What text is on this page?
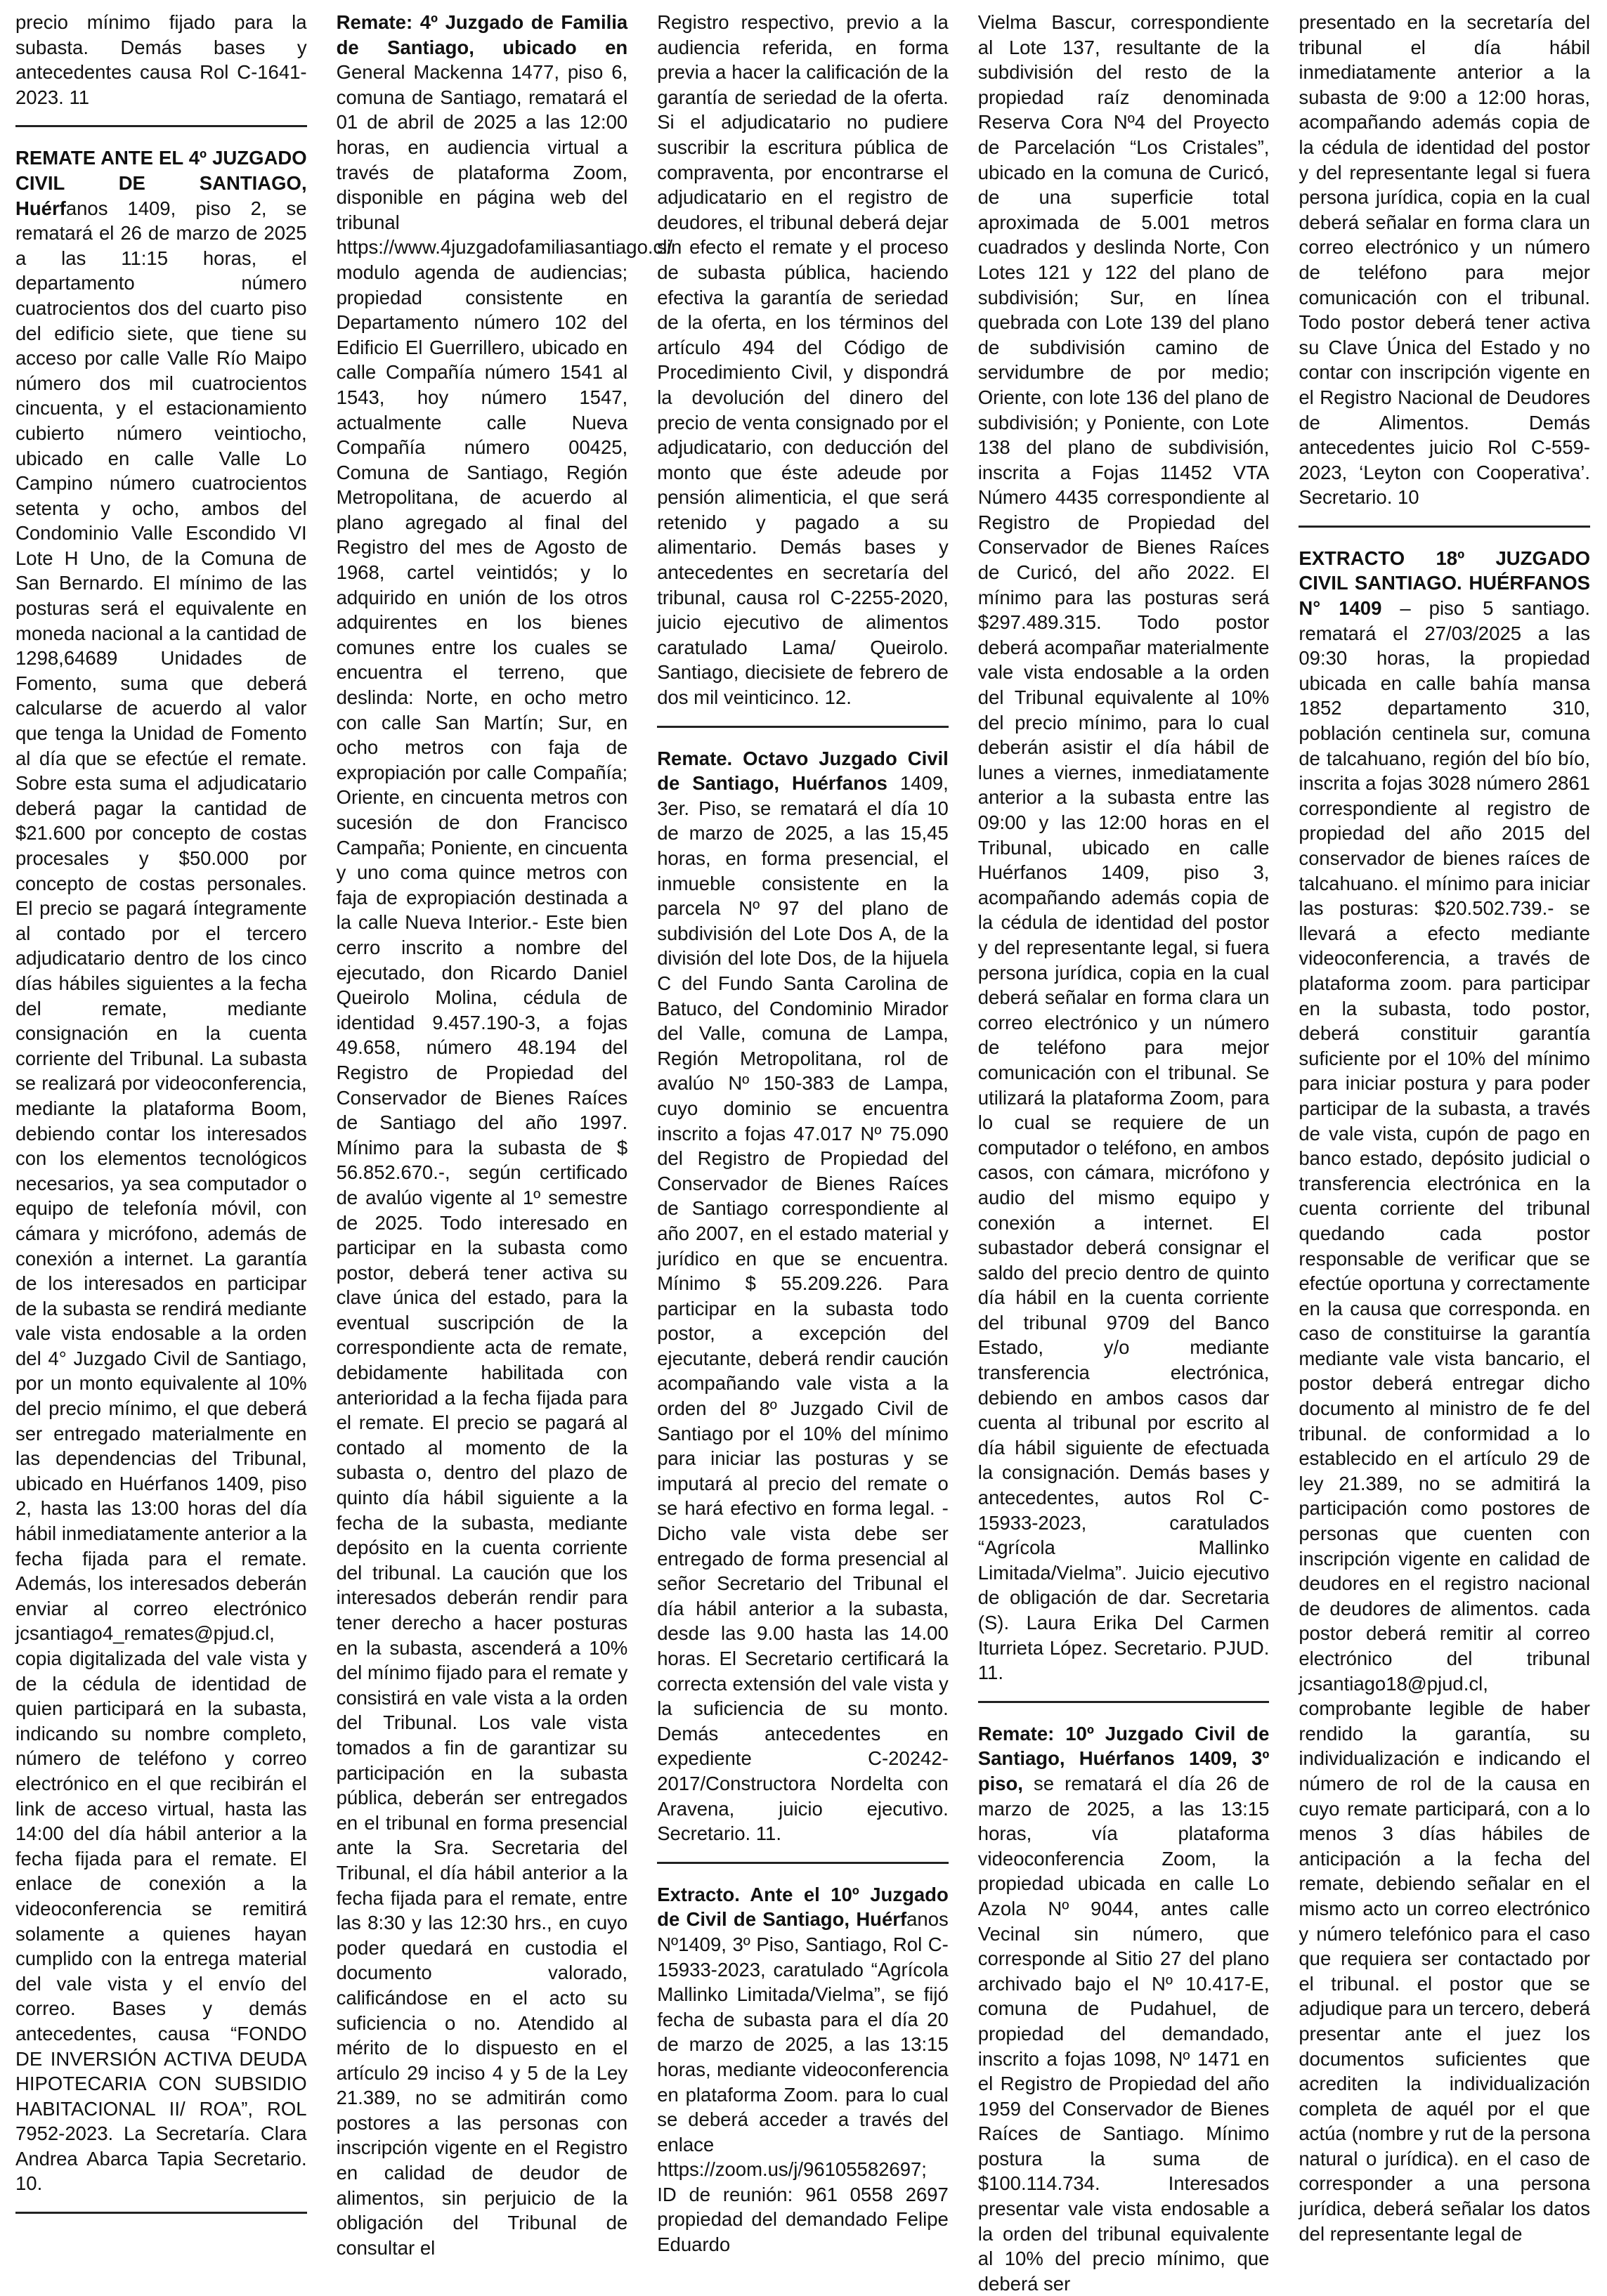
precio mínimo fijado para la subasta. Demás bases y antecedentes causa Rol C-1641-2023. 11

REMATE ANTE EL 4º JUZGADO CIVIL DE SANTIAGO, Huérfanos 1409, piso 2, se rematará el 26 de marzo de 2025 a las 11:15 horas, el departamento número cuatrocientos dos del cuarto piso del edificio siete, que tiene su acceso por calle Valle Río Maipo número dos mil cuatrocientos cincuenta, y el estacionamiento cubierto número veintiocho, ubicado en calle Valle Lo Campino número cuatrocientos setenta y ocho, ambos del Condominio Valle Escondido VI Lote H Uno, de la Comuna de San Bernardo. El mínimo de las posturas será el equivalente en moneda nacional a la cantidad de 1298,64689 Unidades de Fomento, suma que deberá calcularse de acuerdo al valor que tenga la Unidad de Fomento al día que se efectúe el remate. Sobre esta suma el adjudicatario deberá pagar la cantidad de $21.600 por concepto de costas procesales y $50.000 por concepto de costas personales. El precio se pagará íntegramente al contado por el tercero adjudicatario dentro de los cinco días hábiles siguientes a la fecha del remate, mediante consignación en la cuenta corriente del Tribunal. La subasta se realizará por videoconferencia, mediante la plataforma Boom, debiendo contar los interesados con los elementos tecnológicos necesarios, ya sea computador o equipo de telefonía móvil, con cámara y micrófono, además de conexión a internet. La garantía de los interesados en participar de la subasta se rendirá mediante vale vista endosable a la orden del 4° Juzgado Civil de Santiago, por un monto equivalente al 10% del precio mínimo, el que deberá ser entregado materialmente en las dependencias del Tribunal, ubicado en Huérfanos 1409, piso 2, hasta las 13:00 horas del día hábil inmediatamente anterior a la fecha fijada para el remate. Además, los interesados deberán enviar al correo electrónico jcsantiago4_remates@pjud.cl, copia digitalizada del vale vista y de la cédula de identidad de quien participará en la subasta, indicando su nombre completo, número de teléfono y correo electrónico en el que recibirán el link de acceso virtual, hasta las 14:00 del día hábil anterior a la fecha fijada para el remate. El enlace de conexión a la videoconferencia se remitirá solamente a quienes hayan cumplido con la entrega material del vale vista y el envío del correo. Bases y demás antecedentes, causa “FONDO DE INVERSIÓN ACTIVA DEUDA HIPOTECARIA CON SUBSIDIO HABITACIONAL II/ ROA”, ROL 7952-2023. La Secretaría. Clara Andrea Abarca Tapia Secretario. 10.

Remate: 4º Juzgado de Familia de Santiago, ubicado en General Mackenna 1477, piso 6, comuna de Santiago, rematará el 01 de abril de 2025 a las 12:00 horas, en audiencia virtual a través de plataforma Zoom, disponible en página web del tribunal https://www.4juzgadofamiliasantiago.cl/ modulo agenda de audiencias; propiedad consistente en Departamento número 102 del Edificio El Guerrillero, ubicado en calle Compañía número 1541 al 1543, hoy número 1547, actualmente calle Nueva Compañía número 00425, Comuna de Santiago, Región Metropolitana, de acuerdo al plano agregado al final del Registro del mes de Agosto de 1968, cartel veintidós; y lo adquirido en unión de los otros adquirentes en los bienes comunes entre los cuales se encuentra el terreno, que deslinda: Norte, en ocho metro con calle San Martín; Sur, en ocho metros con faja de expropiación por calle Compañía; Oriente, en cincuenta metros con sucesión de don Francisco Campaña; Poniente, en cincuenta y uno coma quince metros con faja de expropiación destinada a la calle Nueva Interior.- Este bien cerro inscrito a nombre del ejecutado, don Ricardo Daniel Queirolo Molina, cédula de identidad 9.457.190-3, a fojas 49.658, número 48.194 del Registro de Propiedad del Conservador de Bienes Raíces de Santiago del año 1997. Mínimo para la subasta de $ 56.852.670.-, según certificado de avalúo vigente al 1º semestre de 2025. Todo interesado en participar en la subasta como postor, deberá tener activa su clave única del estado, para la eventual suscripción de la correspondiente acta de remate, debidamente habilitada con anterioridad a la fecha fijada para el remate. El precio se pagará al contado al momento de la subasta o, dentro del plazo de quinto día hábil siguiente a la fecha de la subasta, mediante depósito en la cuenta corriente del tribunal. La caución que los interesados deberán rendir para tener derecho a hacer posturas en la subasta, ascenderá a 10% del mínimo fijado para el remate y consistirá en vale vista a la orden del Tribunal. Los vale vista tomados a fin de garantizar su participación en la subasta pública, deberán ser entregados en el tribunal en forma presencial ante la Sra. Secretaria del Tribunal, el día hábil anterior a la fecha fijada para el remate, entre las 8:30 y las 12:30 hrs., en cuyo poder quedará en custodia el documento valorado, calificándose en el acto su suficiencia o no. Atendido al mérito de lo dispuesto en el artículo 29 inciso 4 y 5 de la Ley 21.389, no se admitirán como postores a las personas con inscripción vigente en el Registro en calidad de deudor de alimentos, sin perjuicio de la obligación del Tribunal de consultar el

Registro respectivo, previo a la audiencia referida, en forma previa a hacer la calificación de la garantía de seriedad de la oferta. Si el adjudicatario no pudiere suscribir la escritura pública de compraventa, por encontrarse el adjudicatario en el registro de deudores, el tribunal deberá dejar sin efecto el remate y el proceso de subasta pública, haciendo efectiva la garantía de seriedad de la oferta, en los términos del artículo 494 del Código de Procedimiento Civil, y dispondrá la devolución del dinero del precio de venta consignado por el adjudicatario, con deducción del monto que éste adeude por pensión alimenticia, el que será retenido y pagado a su alimentario. Demás bases y antecedentes en secretaría del tribunal, causa rol C-2255-2020, juicio ejecutivo de alimentos caratulado Lama/ Queirolo. Santiago, diecisiete de febrero de dos mil veinticinco. 12.

Remate. Octavo Juzgado Civil de Santiago, Huérfanos 1409, 3er. Piso, se rematará el día 10 de marzo de 2025, a las 15,45 horas, en forma presencial, el inmueble consistente en la parcela Nº 97 del plano de subdivisión del Lote Dos A, de la división del lote Dos, de la hijuela C del Fundo Santa Carolina de Batuco, del Condominio Mirador del Valle, comuna de Lampa, Región Metropolitana, rol de avalúo Nº 150-383 de Lampa, cuyo dominio se encuentra inscrito a fojas 47.017 Nº 75.090 del Registro de Propiedad del Conservador de Bienes Raíces de Santiago correspondiente al año 2007, en el estado material y jurídico en que se encuentra. Mínimo $ 55.209.226. Para participar en la subasta todo postor, a excepción del ejecutante, deberá rendir caución acompañando vale vista a la orden del 8º Juzgado Civil de Santiago por el 10% del mínimo para iniciar las posturas y se imputará al precio del remate o se hará efectivo en forma legal. - Dicho vale vista debe ser entregado de forma presencial al señor Secretario del Tribunal el día hábil anterior a la subasta, desde las 9.00 hasta las 14.00 horas. El Secretario certificará la correcta extensión del vale vista y la suficiencia de su monto. Demás antecedentes en expediente C-20242-2017/Constructora Nordelta con Aravena, juicio ejecutivo. Secretario. 11.

Extracto. Ante el 10º Juzgado de Civil de Santiago, Huérfanos Nº1409, 3º Piso, Santiago, Rol C-15933-2023, caratulado “Agrícola Mallinko Limitada/Vielma”, se fijó fecha de subasta para el día 20 de marzo de 2025, a las 13:15 horas, mediante videoconferencia en plataforma Zoom. para lo cual se deberá acceder a través del enlace https://zoom.us/j/96105582697; ID de reunión: 961 0558 2697 propiedad del demandado Felipe Eduardo

Vielma Bascur, correspondiente al Lote 137, resultante de la subdivisión del resto de la propiedad raíz denominada Reserva Cora Nº4 del Proyecto de Parcelación “Los Cristales”, ubicado en la comuna de Curicó, de una superficie total aproximada de 5.001 metros cuadrados y deslinda Norte, Con Lotes 121 y 122 del plano de subdivisión; Sur, en línea quebrada con Lote 139 del plano de subdivisión camino de servidumbre de por medio; Oriente, con lote 136 del plano de subdivisión; y Poniente, con Lote 138 del plano de subdivisión, inscrita a Fojas 11452 VTA Número 4435 correspondiente al Registro de Propiedad del Conservador de Bienes Raíces de Curicó, del año 2022. El mínimo para las posturas será $297.489.315. Todo postor deberá acompañar materialmente vale vista endosable a la orden del Tribunal equivalente al 10% del precio mínimo, para lo cual deberán asistir el día hábil de lunes a viernes, inmediatamente anterior a la subasta entre las 09:00 y las 12:00 horas en el Tribunal, ubicado en calle Huérfanos 1409, piso 3, acompañando además copia de la cédula de identidad del postor y del representante legal, si fuera persona jurídica, copia en la cual deberá señalar en forma clara un correo electrónico y un número de teléfono para mejor comunicación con el tribunal. Se utilizará la plataforma Zoom, para lo cual se requiere de un computador o teléfono, en ambos casos, con cámara, micrófono y audio del mismo equipo y conexión a internet. El subastador deberá consignar el saldo del precio dentro de quinto día hábil en la cuenta corriente del tribunal 9709 del Banco Estado, y/o mediante transferencia electrónica, debiendo en ambos casos dar cuenta al tribunal por escrito al día hábil siguiente de efectuada la consignación. Demás bases y antecedentes, autos Rol C-15933-2023, caratulados “Agrícola Mallinko Limitada/Vielma”. Juicio ejecutivo de obligación de dar. Secretaria (S). Laura Erika Del Carmen Iturrieta López. Secretario. PJUD. 11.

Remate: 10º Juzgado Civil de Santiago, Huérfanos 1409, 3º piso, se rematará el día 26 de marzo de 2025, a las 13:15 horas, vía plataforma videoconferencia Zoom, la propiedad ubicada en calle Lo Azola Nº 9044, antes calle Vecinal sin número, que corresponde al Sitio 27 del plano archivado bajo el Nº 10.417-E, comuna de Pudahuel, de propiedad del demandado, inscrito a fojas 1098, Nº 1471 en el Registro de Propiedad del año 1959 del Conservador de Bienes Raíces de Santiago. Mínimo postura la suma de $100.114.734. Interesados presentar vale vista endosable a la orden del tribunal equivalente al 10% del precio mínimo, que deberá ser

presentado en la secretaría del tribunal el día hábil inmediatamente anterior a la subasta de 9:00 a 12:00 horas, acompañando además copia de la cédula de identidad del postor y del representante legal si fuera persona jurídica, copia en la cual deberá señalar en forma clara un correo electrónico y un número de teléfono para mejor comunicación con el tribunal. Todo postor deberá tener activa su Clave Única del Estado y no contar con inscripción vigente en el Registro Nacional de Deudores de Alimentos. Demás antecedentes juicio Rol C-559-2023, ‘Leyton con Cooperativa’. Secretario. 10

EXTRACTO 18º JUZGADO CIVIL SANTIAGO. HUÉRFANOS N° 1409 – piso 5 santiago. rematará el 27/03/2025 a las 09:30 horas, la propiedad ubicada en calle bahía mansa 1852 departamento 310, población centinela sur, comuna de talcahuano, región del bío bío, inscrita a fojas 3028 número 2861 correspondiente al registro de propiedad del año 2015 del conservador de bienes raíces de talcahuano. el mínimo para iniciar las posturas: $20.502.739.- se llevará a efecto mediante videoconferencia, a través de plataforma zoom. para participar en la subasta, todo postor, deberá constituir garantía suficiente por el 10% del mínimo para iniciar postura y para poder participar de la subasta, a través de vale vista, cupón de pago en banco estado, depósito judicial o transferencia electrónica en la cuenta corriente del tribunal quedando cada postor responsable de verificar que se efectúe oportuna y correctamente en la causa que corresponda. en caso de constituirse la garantía mediante vale vista bancario, el postor deberá entregar dicho documento al ministro de fe del tribunal. de conformidad a lo establecido en el artículo 29 de ley 21.389, no se admitirá la participación como postores de personas que cuenten con inscripción vigente en calidad de deudores en el registro nacional de deudores de alimentos. cada postor deberá remitir al correo electrónico del tribunal jcsantiago18@pjud.cl, comprobante legible de haber rendido la garantía, su individualización e indicando el número de rol de la causa en cuyo remate participará, con a lo menos 3 días hábiles de anticipación a la fecha del remate, debiendo señalar en el mismo acto un correo electrónico y número telefónico para el caso que requiera ser contactado por el tribunal. el postor que se adjudique para un tercero, deberá presentar ante el juez los documentos suficientes que acrediten la individualización completa de aquél por el que actúa (nombre y rut de la persona natural o jurídica). en el caso de corresponder a una persona jurídica, deberá señalar los datos del representante legal de
